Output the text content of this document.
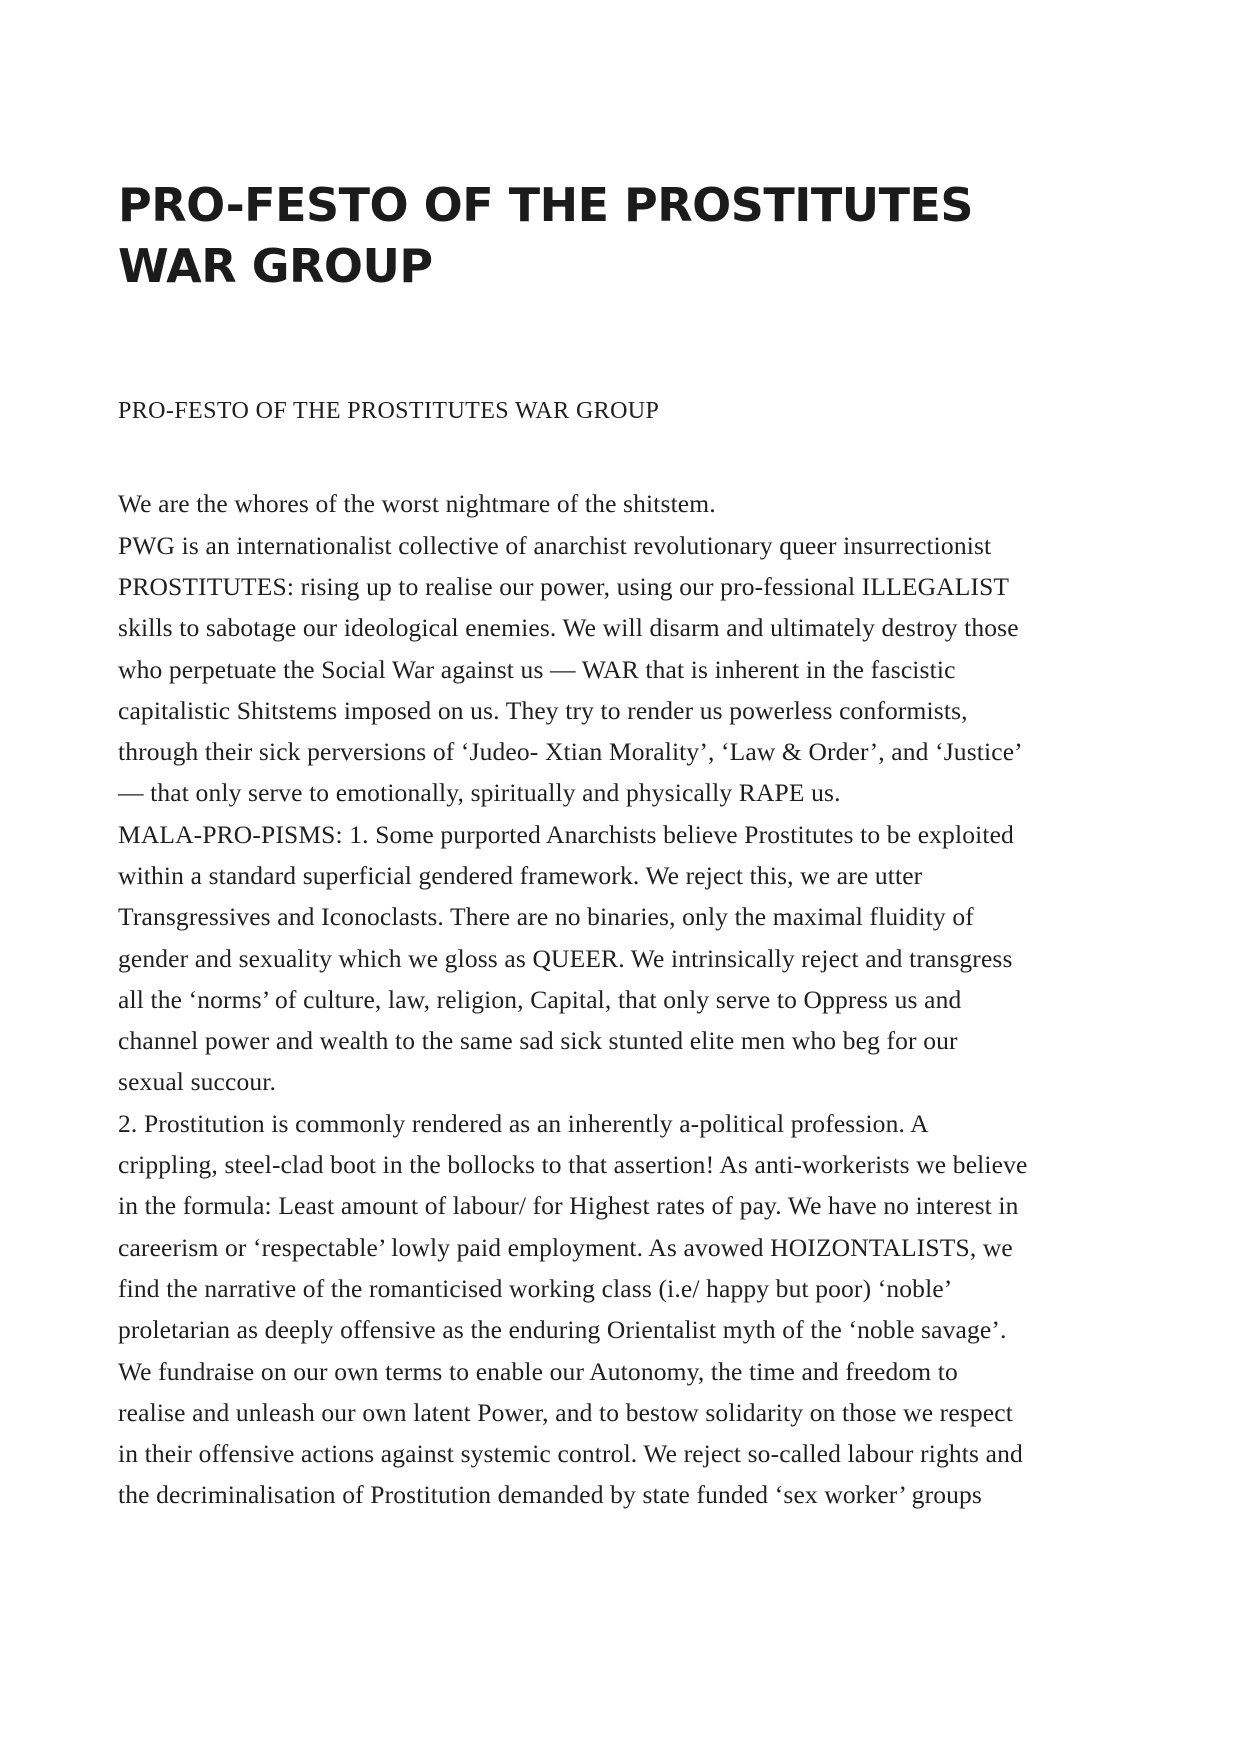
PRO-FESTO OF THE PROSTITUTES WAR GROUP

PRO-FESTO OF THE PROSTITUTES WAR GROUP

We are the whores of the worst nightmare of the shitstem.

PWG is an internationalist collective of anarchist revolutionary queer insurrectionist PROSTITUTES: rising up to realise our power, using our pro-fessional ILLEGALIST skills to sabotage our ideological enemies. We will disarm and ultimately destroy those who perpetuate the Social War against us — WAR that is inherent in the fascistic capitalistic Shitstems imposed on us. They try to render us powerless conformists, through their sick perversions of ‘Judeo- Xtian Morality’, ‘Law & Order’, and ‘Justice’ — that only serve to emotionally, spiritually and physically RAPE us.

MALA-PRO-PISMS: 1. Some purported Anarchists believe Prostitutes to be exploited within a standard superficial gendered framework. We reject this, we are utter Transgressives and Iconoclasts. There are no binaries, only the maximal fluidity of gender and sexuality which we gloss as QUEER. We intrinsically reject and transgress all the ‘norms’ of culture, law, religion, Capital, that only serve to Oppress us and channel power and wealth to the same sad sick stunted elite men who beg for our sexual succour.

2. Prostitution is commonly rendered as an inherently a-political profession. A crippling, steel-clad boot in the bollocks to that assertion! As anti-workerists we believe in the formula: Least amount of labour/ for Highest rates of pay. We have no interest in careerism or ‘respectable’ lowly paid employment. As avowed HOIZONTALISTS, we find the narrative of the romanticised working class (i.e/ happy but poor) ‘noble’ proletarian as deeply offensive as the enduring Orientalist myth of the ‘noble savage’. We fundraise on our own terms to enable our Autonomy, the time and freedom to realise and unleash our own latent Power, and to bestow solidarity on those we respect in their offensive actions against systemic control. We reject so-called labour rights and the decriminalisation of Prostitution demanded by state funded ‘sex worker’ groups
